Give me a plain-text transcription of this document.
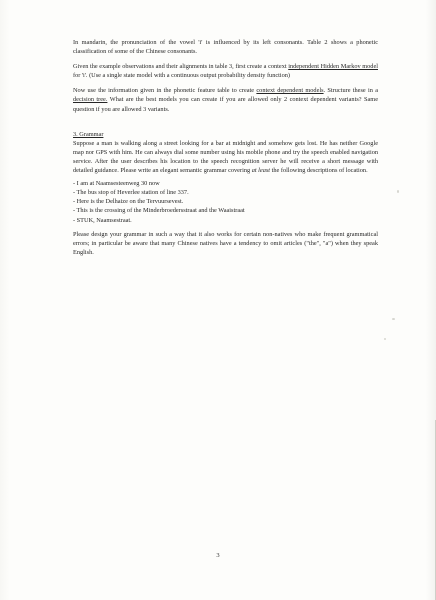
In mandarin, the pronunciation of the vowel 'i' is influenced by its left consonants. Table 2 shows a phonetic classification of some of the Chinese consonants.

Given the example observations and their alignments in table 3, first create a context independent Hidden Markov model for 'i'. (Use a single state model with a continuous output probability density function)

Now use the information given in the phonetic feature table to create context dependent models. Structure these in a decision tree. What are the best models you can create if you are allowed only 2 context dependent variants? Same question if you are allowed 3 variants.

3. Grammar

Suppose a man is walking along a street looking for a bar at midnight and somehow gets lost. He has neither Google map nor GPS with him. He can always dial some number using his mobile phone and try the speech enabled navigation service. After the user describes his location to the speech recognition server he will receive a short message with detailed guidance. Please write an elegant semantic grammar covering at least the following descriptions of location.

- I am at Naamsesteenweg 30 now

- The bus stop of Heverlee station of line 337.

- Here is the Delhaize on the Tervuursevest.

- This is the crossing of the Minderbroedersstraat and the Waaistraat

- STUK, Naamsestraat.

Please design your grammar in such a way that it also works for certain non-natives who make frequent grammatical errors; in particular be aware that many Chinese natives have a tendency to omit articles ("the", "a") when they speak English.

3
